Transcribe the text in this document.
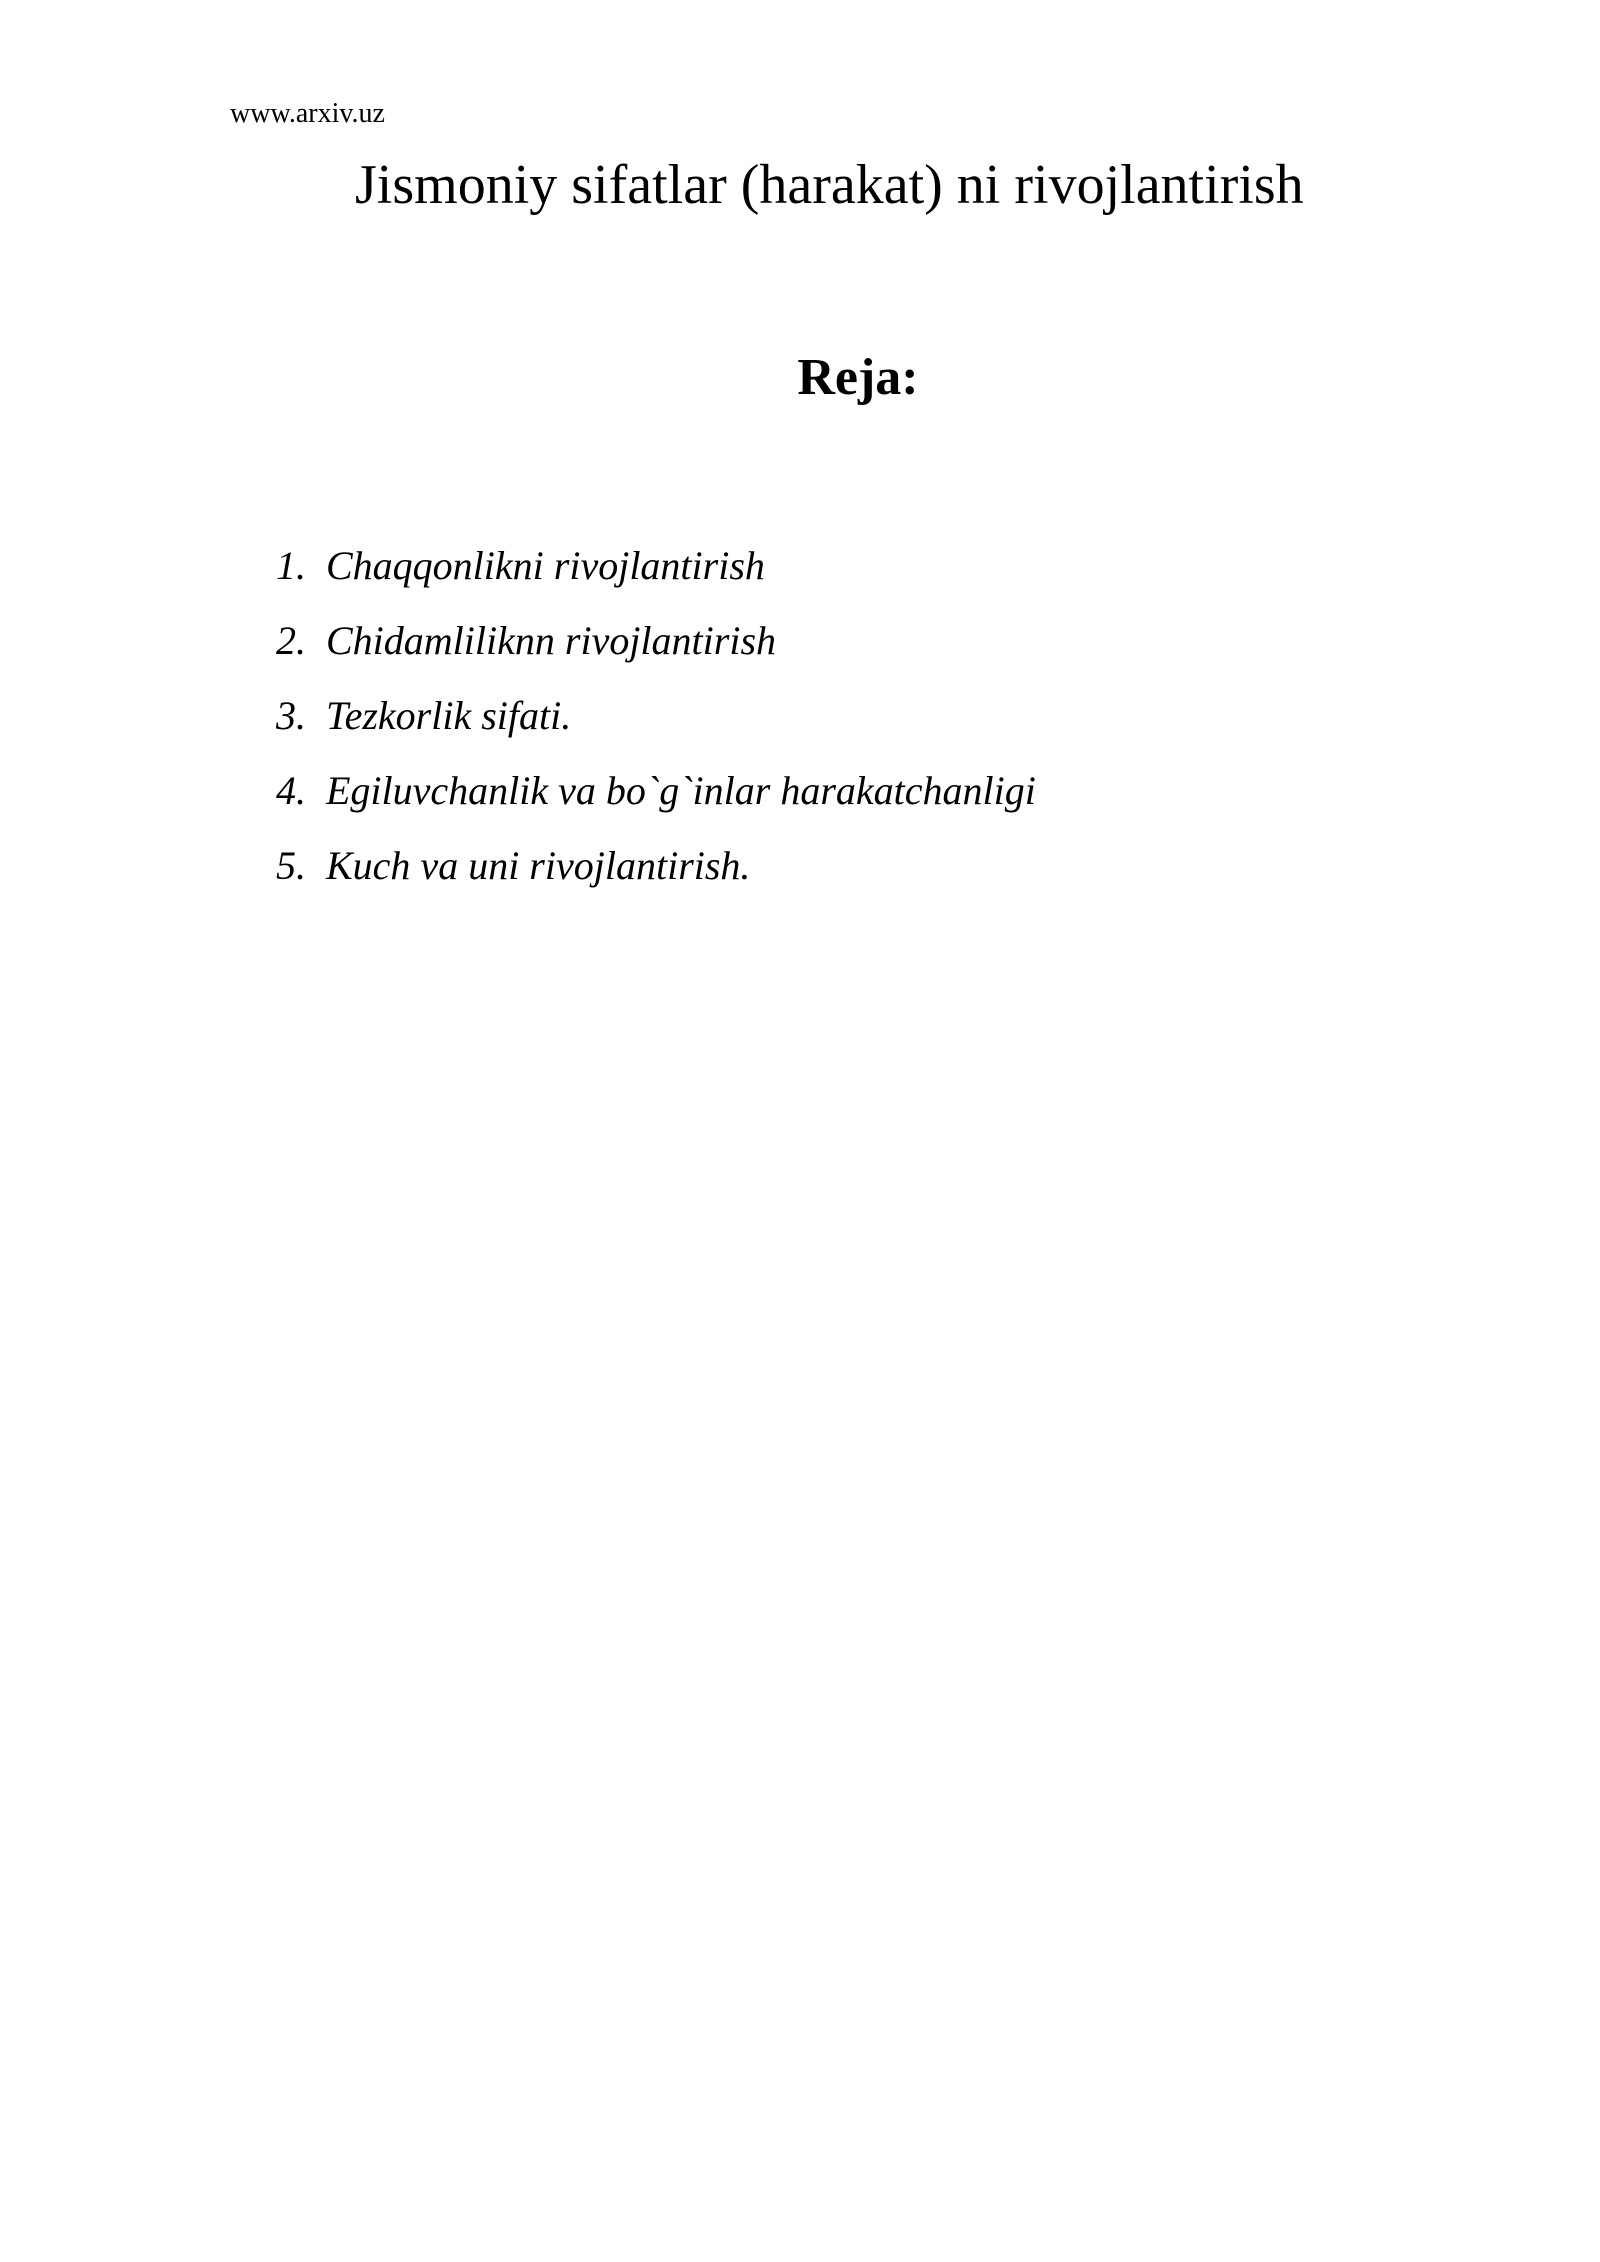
www.arxiv.uz

Jismoniy sifatlar (harakat) ni rivojlantirish
Reja:
1. Chaqqonlikni rivojlantirish
2. Chidamliliknn rivojlantirish
3. Tezkorlik sifati.
4. Egiluvchanlik va bo`g`inlar harakatchanligi
5. Kuch va uni rivojlantirish.
